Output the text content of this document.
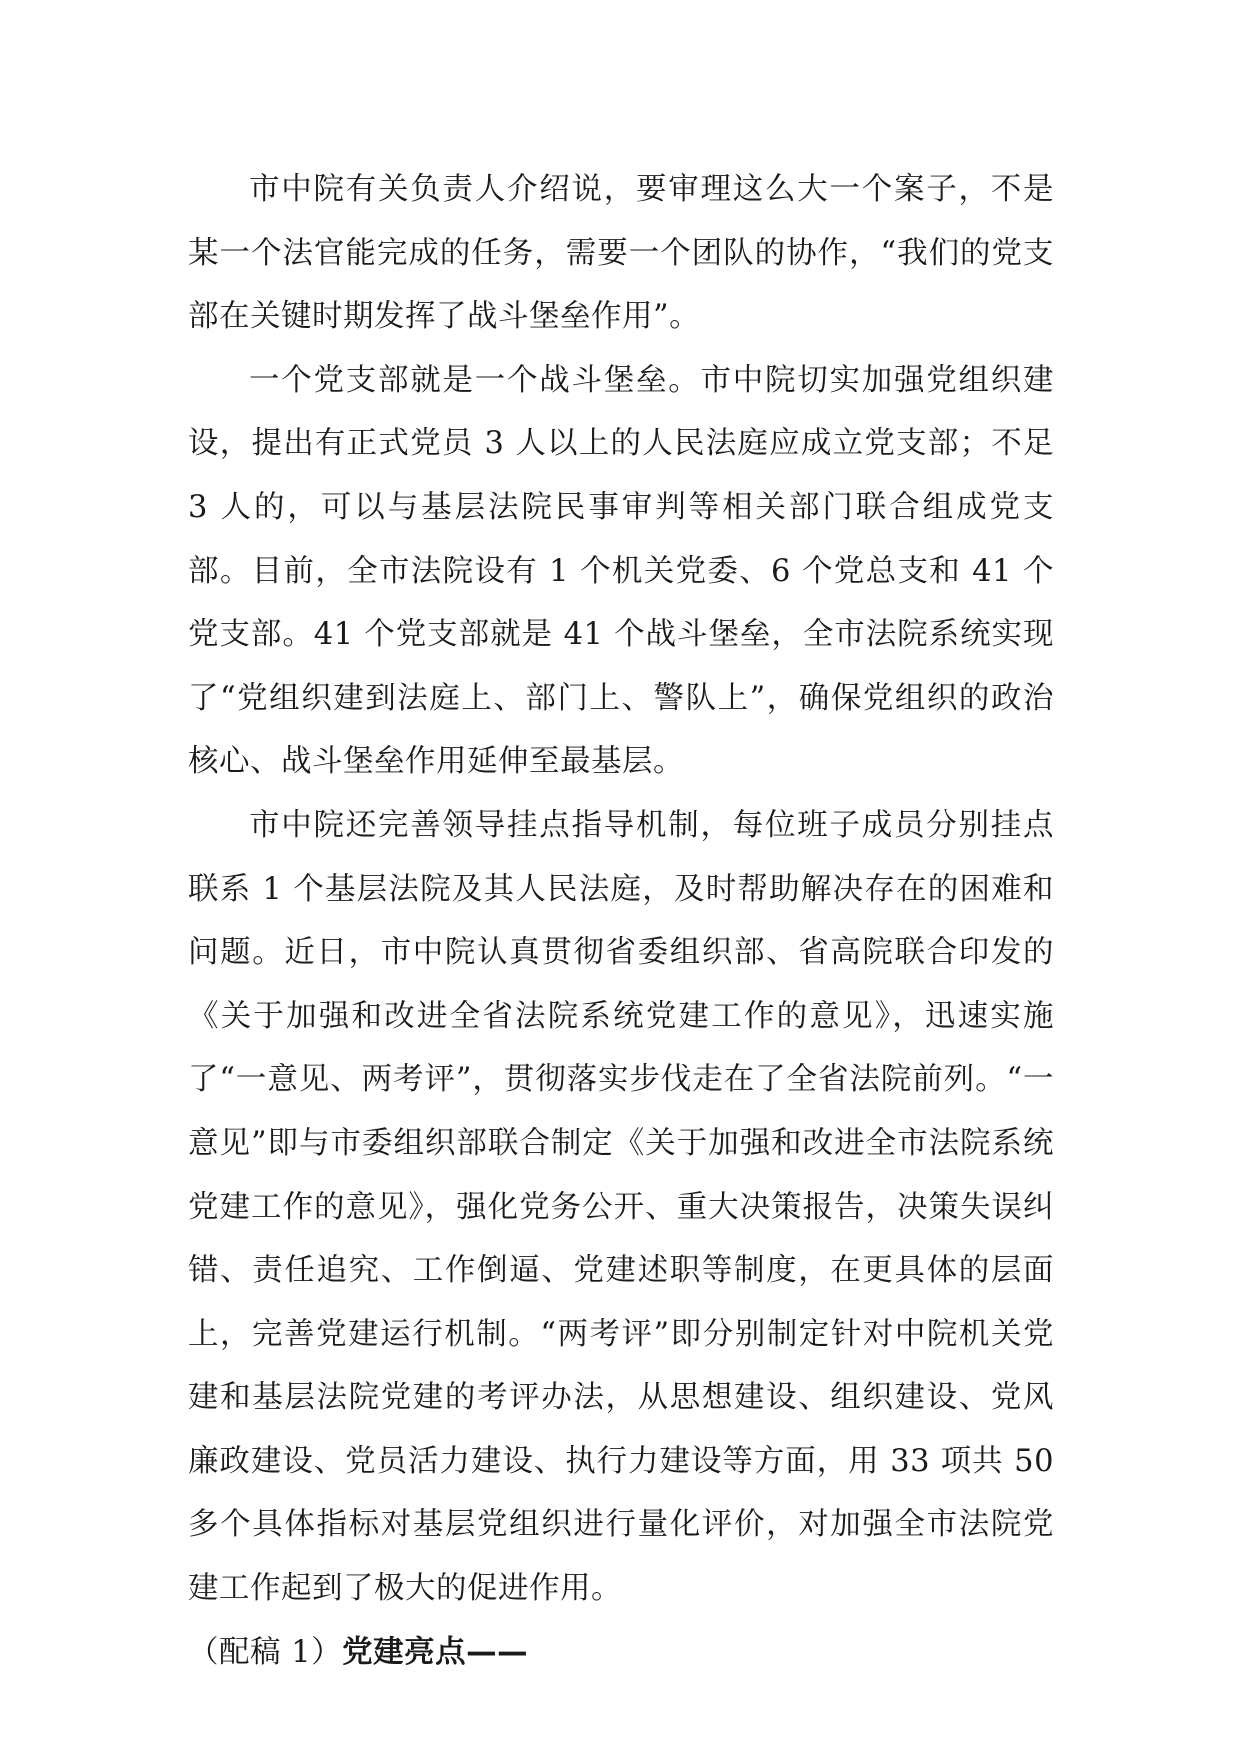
市中院有关负责人介绍说，要审理这么大一个案子，不是某一个法官能完成的任务，需要一个团队的协作，“我们的党支部在关键时期发挥了战斗堡垒作用”。

一个党支部就是一个战斗堡垒。市中院切实加强党组织建设，提出有正式党员 3 人以上的人民法庭应成立党支部；不足 3 人的，可以与基层法院民事审判等相关部门联合组成党支部。目前，全市法院设有 1 个机关党委、6 个党总支和 41 个党支部。41 个党支部就是 41 个战斗堡垒，全市法院系统实现了“党组织建到法庭上、部门上、警队上”，确保党组织的政治核心、战斗堡垒作用延伸至最基层。

市中院还完善领导挂点指导机制，每位班子成员分别挂点联系 1 个基层法院及其人民法庭，及时帮助解决存在的困难和问题。近日，市中院认真贯彻省委组织部、省高院联合印发的《关于加强和改进全省法院系统党建工作的意见》，迅速实施了“一意见、两考评”，贯彻落实步伐走在了全省法院前列。“一意见”即与市委组织部联合制定《关于加强和改进全市法院系统党建工作的意见》，强化党务公开、重大决策报告，决策失误纠错、责任追究、工作倒逼、党建述职等制度，在更具体的层面上，完善党建运行机制。“两考评”即分别制定针对中院机关党建和基层法院党建的考评办法，从思想建设、组织建设、党风廉政建设、党员活力建设、执行力建设等方面，用 33 项共 50 多个具体指标对基层党组织进行量化评价，对加强全市法院党建工作起到了极大的促进作用。

（配稿 1）党建亮点——
